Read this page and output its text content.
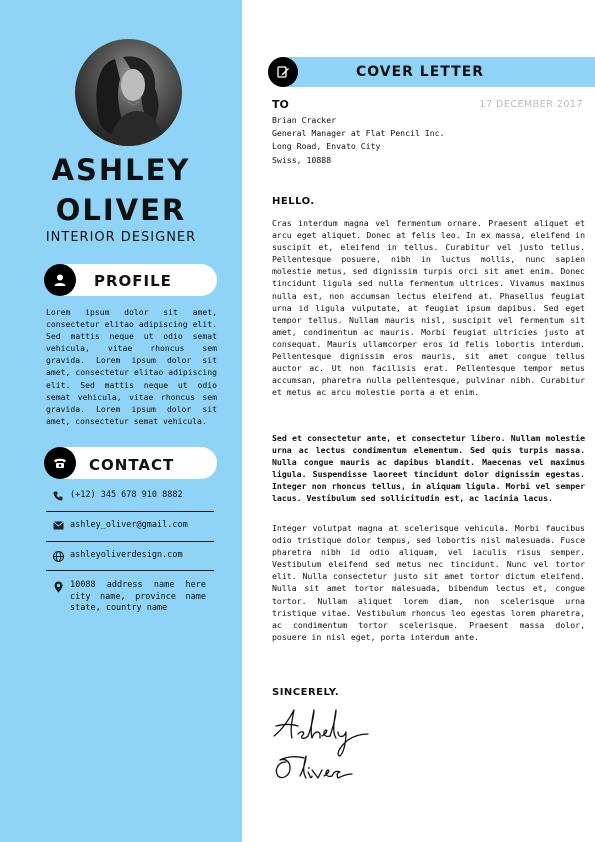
ASHLEY
OLIVER
INTERIOR DESIGNER
PROFILE
Lorem ipsum dolor sit amet, consectetur elitao adipiscing elit. Sed mattis neque ut odio semat vehicula, vitae rhoncus sem gravida. Lorem ipsum dolor sit amet, consectetur elitao adipiscing elit. Sed mattis neque ut odio semat vehicula, vitae rhoncus sem gravida. Lorem ipsum dolor sit amet, consectetur semat vehicula.
CONTACT
(+12) 345 678 910 8882
ashley_oliver@gmail.com
ashleyoliverdesign.com
10088 address name here city name, province name state, country name
COVER LETTER
TO	17 DECEMBER 2017
Brian Cracker
General Manager at Flat Pencil Inc.
Long Road, Envato City
Swiss, 10888
HELLO.
Cras interdum magna vel fermentum ornare. Praesent aliquet et arcu eget aliquet. Donec at felis leo. In ex massa, eleifend in suscipit et, eleifend in tellus. Curabitur vel justo tellus. Pellentesque posuere, nibh in luctus mollis, nunc sapien molestie metus, sed dignissim turpis orci sit amet enim. Donec tincidunt ligula sed nulla fermentum ultrices. Vivamus maximus nulla est, non accumsan lectus eleifend at. Phasellus feugiat urna id ligula vulputate, at feugiat ipsum dapibus. Sed eget tempor tellus. Nullam mauris nisl, suscipit vel fermentum sit amet, condimentum ac mauris. Morbi feugiat ultricies justo at consequat. Mauris ullamcorper eros id felis lobortis interdum. Pellentesque dignissim eros mauris, sit amet congue tellus auctor ac. Ut non facilisis erat. Pellentesque tempor metus accumsan, pharetra nulla pellentesque, pulvinar nibh. Curabitur et metus ac arcu molestie porta a et enim.
Sed et consectetur ante, et consectetur libero. Nullam molestie urna ac lectus condimentum elementum. Sed quis turpis massa. Nulla congue mauris ac dapibus blandit. Maecenas vel maximus ligula. Suspendisse laoreet tincidunt dolor dignissim egestas. Integer non rhoncus tellus, in aliquam ligula. Morbi vel semper lacus. Vestibulum sed sollicitudin est, ac lacinia lacus.
Integer volutpat magna at scelerisque vehicula. Morbi faucibus odio tristique dolor tempus, sed lobortis nisl malesuada. Fusce pharetra nibh id odio aliquam, vel iaculis risus semper. Vestibulum eleifend sed metus nec tincidunt. Nunc vel tortor elit. Nulla consectetur justo sit amet tortor dictum eleifend. Nulla sit amet tortor malesuada, bibendum lectus et, congue tortor. Nullam aliquet lorem diam, non scelerisque urna tristique vitae. Vestibulum rhoncus leo egestas lorem pharetra, ac condimentum tortor scelerisque. Praesent massa dolor, posuere in nisl eget, porta interdum ante.
SINCERELY.
